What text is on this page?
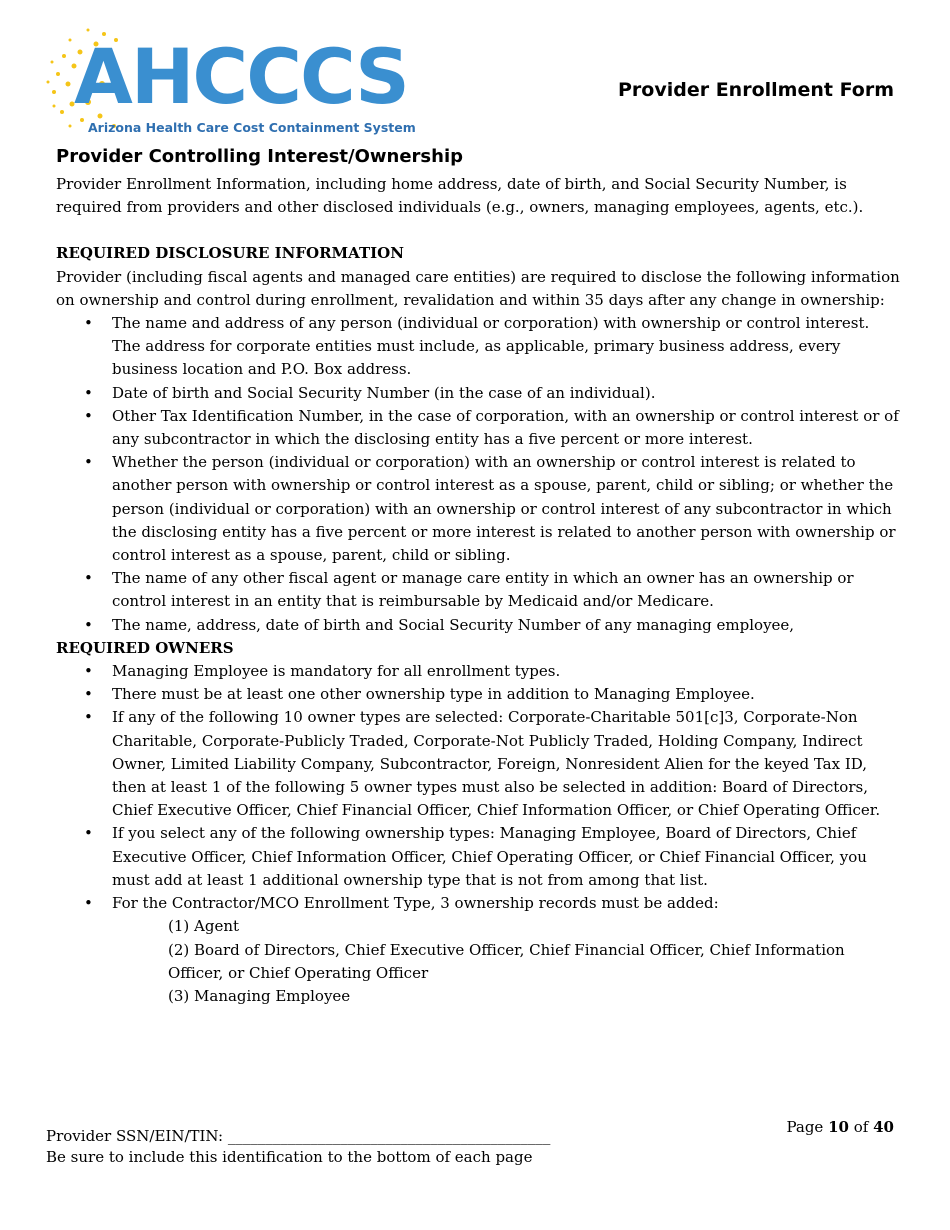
AHCCCS
Arizona Health Care Cost Containment System
Provider Enrollment Form
Provider Controlling Interest/Ownership

Provider Enrollment Information, including home address, date of birth, and Social Security Number, is required from providers and other disclosed individuals (e.g., owners, managing employees, agents, etc.).

REQUIRED DISCLOSURE INFORMATION

Provider (including fiscal agents and managed care entities) are required to disclose the following information on ownership and control during enrollment, revalidation and within 35 days after any change in ownership:

• The name and address of any person (individual or corporation) with ownership or control interest. The address for corporate entities must include, as applicable, primary business address, every business location and P.O. Box address.
• Date of birth and Social Security Number (in the case of an individual).
• Other Tax Identification Number, in the case of corporation, with an ownership or control interest or of any subcontractor in which the disclosing entity has a five percent or more interest.
• Whether the person (individual or corporation) with an ownership or control interest is related to another person with ownership or control interest as a spouse, parent, child or sibling; or whether the person (individual or corporation) with an ownership or control interest of any subcontractor in which the disclosing entity has a five percent or more interest is related to another person with ownership or control interest as a spouse, parent, child or sibling.
• The name of any other fiscal agent or manage care entity in which an owner has an ownership or control interest in an entity that is reimbursable by Medicaid and/or Medicare.
• The name, address, date of birth and Social Security Number of any managing employee,
REQUIRED OWNERS
• Managing Employee is mandatory for all enrollment types.
• There must be at least one other ownership type in addition to Managing Employee.
• If any of the following 10 owner types are selected: Corporate-Charitable 501[c]3, Corporate-Non Charitable, Corporate-Publicly Traded, Corporate-Not Publicly Traded, Holding Company, Indirect Owner, Limited Liability Company, Subcontractor, Foreign, Nonresident Alien for the keyed Tax ID, then at least 1 of the following 5 owner types must also be selected in addition: Board of Directors, Chief Executive Officer, Chief Financial Officer, Chief Information Officer, or Chief Operating Officer.
• If you select any of the following ownership types: Managing Employee, Board of Directors, Chief Executive Officer, Chief Information Officer, Chief Operating Officer, or Chief Financial Officer, you must add at least 1 additional ownership type that is not from among that list.
• For the Contractor/MCO Enrollment Type, 3 ownership records must be added:
(1) Agent
(2) Board of Directors, Chief Executive Officer, Chief Financial Officer, Chief Information Officer, or Chief Operating Officer
(3) Managing Employee
Provider SSN/EIN/TIN: ___________________________________________
Be sure to include this identification to the bottom of each page
Page 10 of 40
